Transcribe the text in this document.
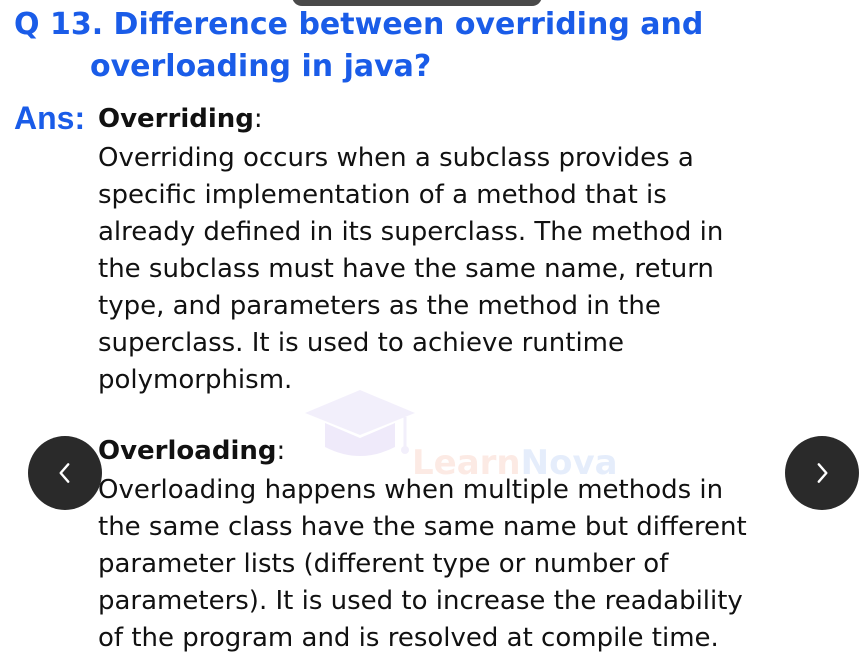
Q 13. Difference between overriding and
overloading in java?
Ans: Overriding:

Overriding occurs when a subclass provides a
specific implementation of a method that is
already defined in its superclass. The method in
the subclass must have the same name, return
type, and parameters as the method in the
superclass. It is used to achieve runtime
polymorphism.

LearnNova
Overloading:

Overloading happens when multiple methods in
the same class have the same name but different
parameter lists (different type or number of
parameters). It is used to increase the readability
of the program and is resolved at compile time.
